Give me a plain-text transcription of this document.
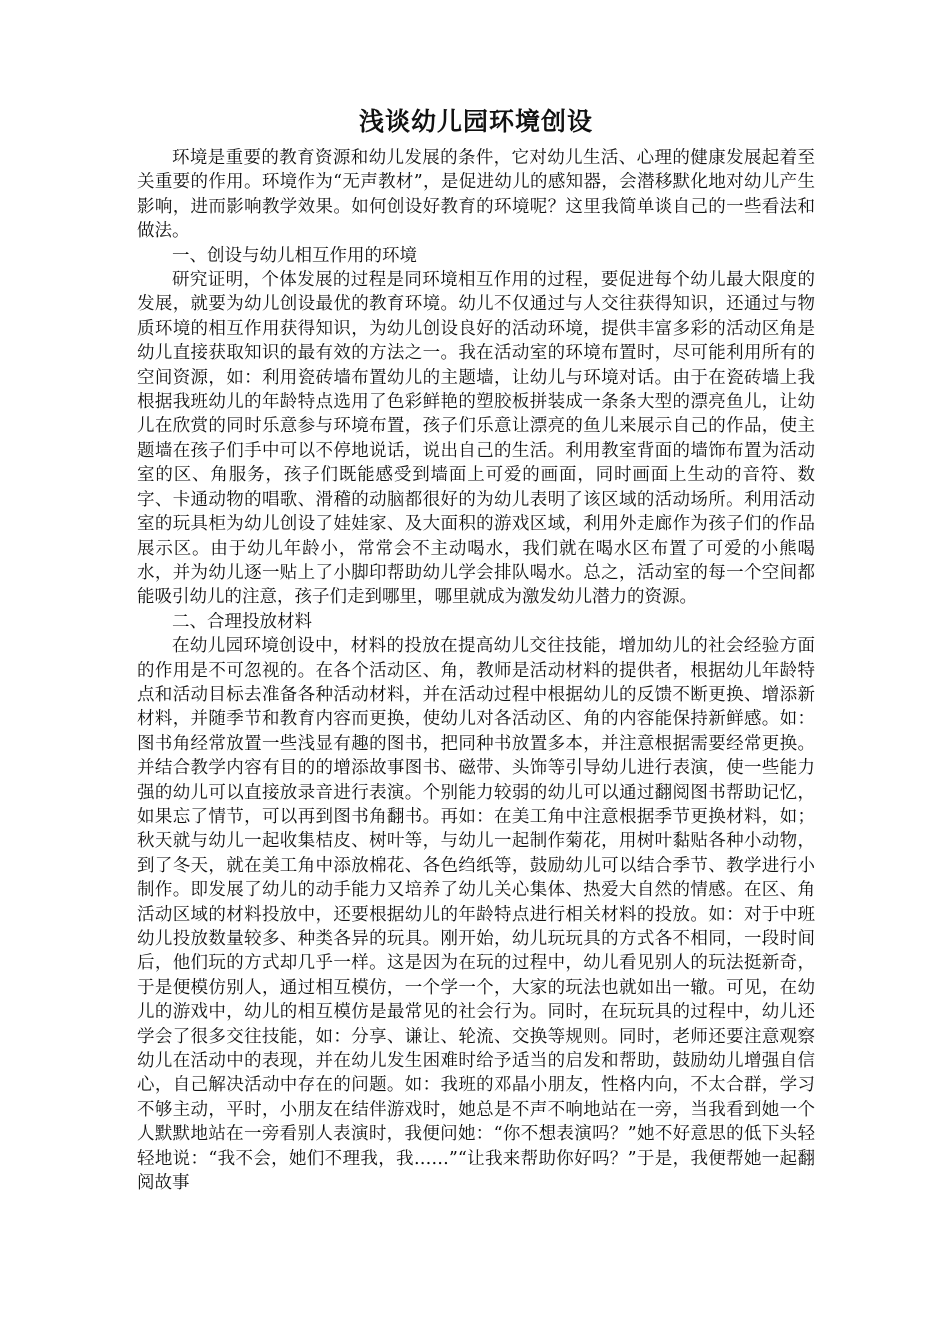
浅谈幼儿园环境创设

环境是重要的教育资源和幼儿发展的条件，它对幼儿生活、心理的健康发展起着至关重要的作用。环境作为“无声教材”，是促进幼儿的感知器，会潜移默化地对幼儿产生影响，进而影响教学效果。如何创设好教育的环境呢？这里我简单谈自己的一些看法和做法。

一、创设与幼儿相互作用的环境

研究证明，个体发展的过程是同环境相互作用的过程，要促进每个幼儿最大限度的发展，就要为幼儿创设最优的教育环境。幼儿不仅通过与人交往获得知识，还通过与物质环境的相互作用获得知识，为幼儿创设良好的活动环境，提供丰富多彩的活动区角是幼儿直接获取知识的最有效的方法之一。我在活动室的环境布置时，尽可能利用所有的空间资源，如：利用瓷砖墙布置幼儿的主题墙，让幼儿与环境对话。由于在瓷砖墙上我根据我班幼儿的年龄特点选用了色彩鲜艳的塑胶板拼装成一条条大型的漂亮鱼儿，让幼儿在欣赏的同时乐意参与环境布置，孩子们乐意让漂亮的鱼儿来展示自己的作品，使主题墙在孩子们手中可以不停地说话，说出自己的生活。利用教室背面的墙饰布置为活动室的区、角服务，孩子们既能感受到墙面上可爱的画面，同时画面上生动的音符、数字、卡通动物的唱歌、滑稽的动脑都很好的为幼儿表明了该区域的活动场所。利用活动室的玩具柜为幼儿创设了娃娃家、及大面积的游戏区域，利用外走廊作为孩子们的作品展示区。由于幼儿年龄小，常常会不主动喝水，我们就在喝水区布置了可爱的小熊喝水，并为幼儿逐一贴上了小脚印帮助幼儿学会排队喝水。总之，活动室的每一个空间都能吸引幼儿的注意，孩子们走到哪里，哪里就成为激发幼儿潜力的资源。

二、合理投放材料

在幼儿园环境创设中，材料的投放在提高幼儿交往技能，增加幼儿的社会经验方面的作用是不可忽视的。在各个活动区、角，教师是活动材料的提供者，根据幼儿年龄特点和活动目标去准备各种活动材料，并在活动过程中根据幼儿的反馈不断更换、增添新材料，并随季节和教育内容而更换，使幼儿对各活动区、角的内容能保持新鲜感。如：图书角经常放置一些浅显有趣的图书，把同种书放置多本，并注意根据需要经常更换。并结合教学内容有目的的增添故事图书、磁带、头饰等引导幼儿进行表演，使一些能力强的幼儿可以直接放录音进行表演。个别能力较弱的幼儿可以通过翻阅图书帮助记忆，如果忘了情节，可以再到图书角翻书。再如：在美工角中注意根据季节更换材料，如；秋天就与幼儿一起收集桔皮、树叶等，与幼儿一起制作菊花，用树叶黏贴各种小动物，到了冬天，就在美工角中添放棉花、各色绉纸等，鼓励幼儿可以结合季节、教学进行小制作。即发展了幼儿的动手能力又培养了幼儿关心集体、热爱大自然的情感。在区、角活动区域的材料投放中，还要根据幼儿的年龄特点进行相关材料的投放。如：对于中班幼儿投放数量较多、种类各异的玩具。刚开始，幼儿玩玩具的方式各不相同，一段时间后，他们玩的方式却几乎一样。这是因为在玩的过程中，幼儿看见别人的玩法挺新奇，于是便模仿别人，通过相互模仿，一个学一个，大家的玩法也就如出一辙。可见，在幼儿的游戏中，幼儿的相互模仿是最常见的社会行为。同时，在玩玩具的过程中，幼儿还学会了很多交往技能，如：分享、谦让、轮流、交换等规则。同时，老师还要注意观察幼儿在活动中的表现，并在幼儿发生困难时给予适当的启发和帮助，鼓励幼儿增强自信心，自己解决活动中存在的问题。如：我班的邓晶小朋友，性格内向，不太合群，学习不够主动，平时，小朋友在结伴游戏时，她总是不声不响地站在一旁，当我看到她一个人默默地站在一旁看别人表演时，我便问她：“你不想表演吗？”她不好意思的低下头轻轻地说：“我不会，她们不理我，我……”“让我来帮助你好吗？”于是，我便帮她一起翻阅故事
